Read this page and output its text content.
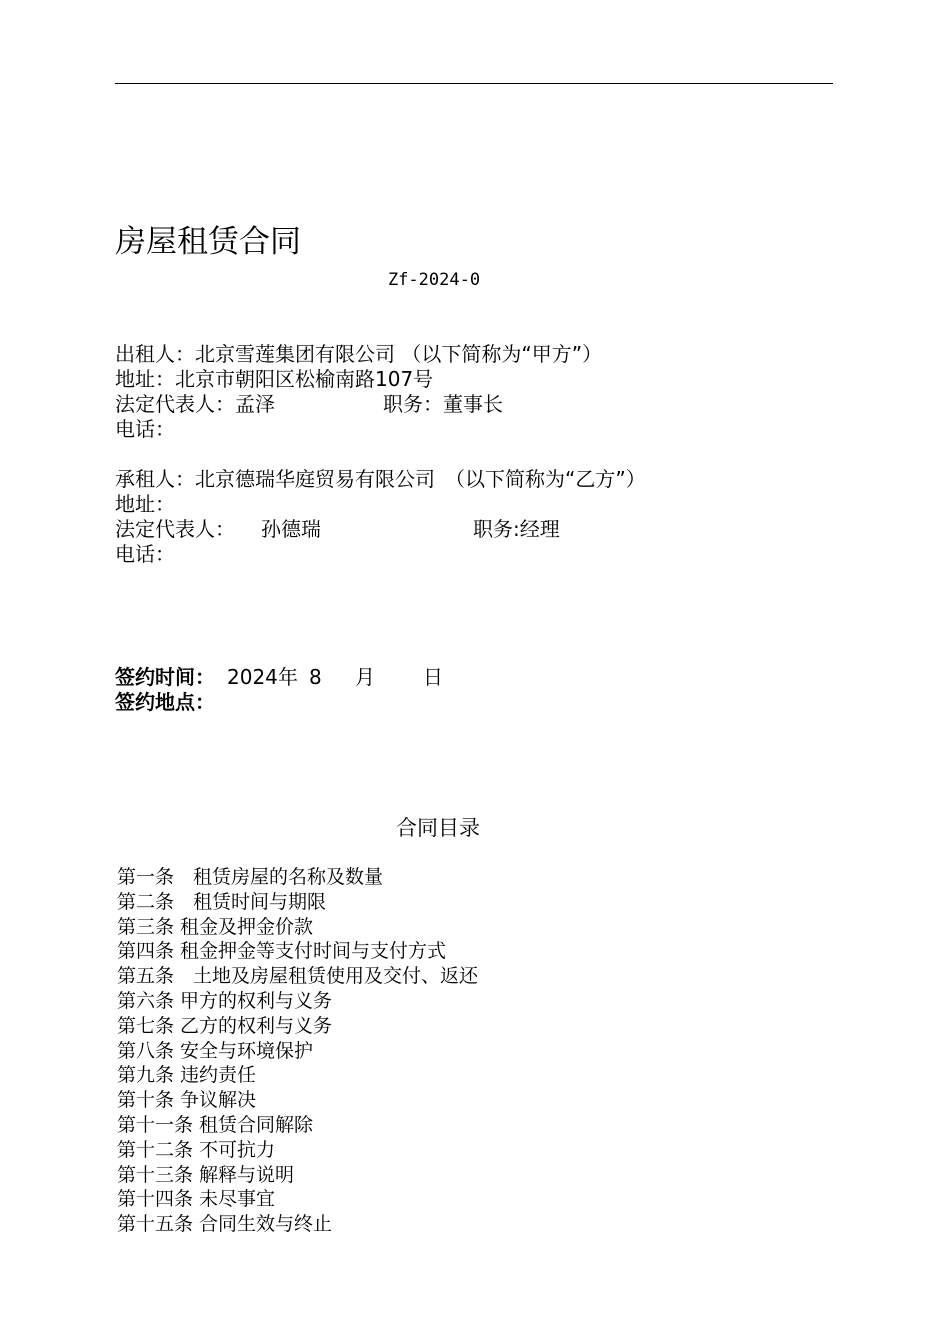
房屋租赁合同
Zf-2024-0
出租人：北京雪莲集团有限公司 （以下简称为“甲方”）
地址：北京市朝阳区松榆南路107号
法定代表人：孟泽	职务：董事长
电话：
承租人：北京德瑞华庭贸易有限公司　（以下简称为“乙方”）
地址：
法定代表人： 孙德瑞	职务:经理
电话：
签约时间： 2024 年 8 月 日
签约地点：
合同目录
第一条　租赁房屋的名称及数量
第二条　租赁时间与期限
第三条 租金及押金价款
第四条 租金押金等支付时间与支付方式
第五条　土地及房屋租赁使用及交付、返还
第六条 甲方的权利与义务
第七条 乙方的权利与义务
第八条 安全与环境保护
第九条 违约责任
第十条 争议解决
第十一条 租赁合同解除
第十二条 不可抗力
第十三条 解释与说明
第十四条 未尽事宜
第十五条 合同生效与终止
